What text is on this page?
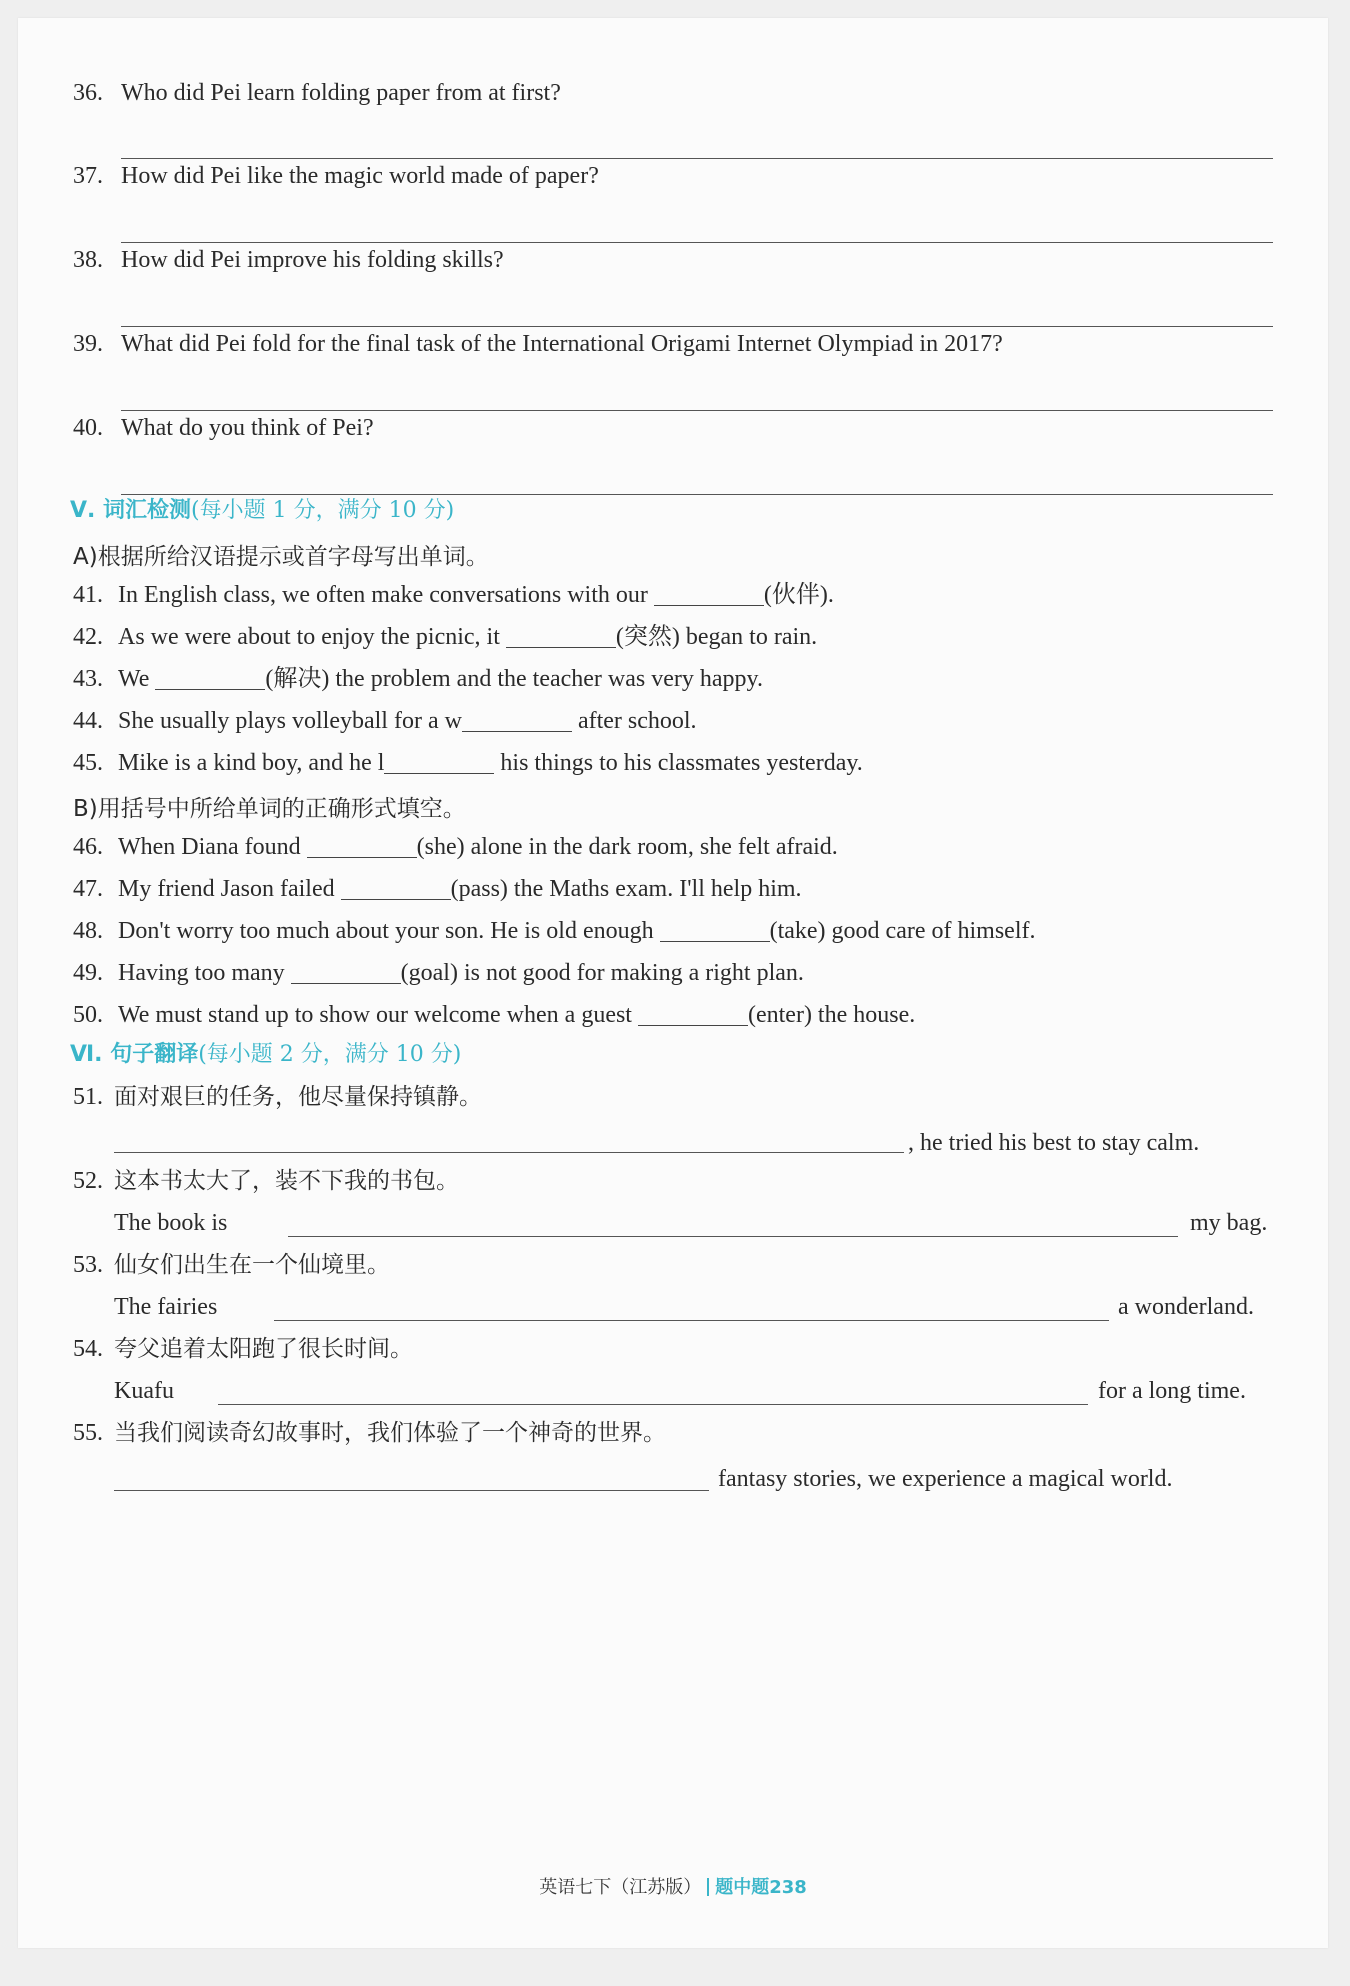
36. Who did Pei learn folding paper from at first?
37. How did Pei like the magic world made of paper?
38. How did Pei improve his folding skills?
39. What did Pei fold for the final task of the International Origami Internet Olympiad in 2017?
40. What do you think of Pei?
Ⅴ. 词汇检测(每小题 1 分，满分 10 分)
A)根据所给汉语提示或首字母写出单词。
41. In English class, we often make conversations with our	(伙伴).
42. As we were about to enjoy the picnic, it	(突然) began to rain.
43. We	(解决) the problem and the teacher was very happy.
44. She usually plays volleyball for a w	after school.
45. Mike is a kind boy, and he l	his things to his classmates yesterday.
B)用括号中所给单词的正确形式填空。
46. When Diana found	(she) alone in the dark room, she felt afraid.
47. My friend Jason failed	(pass) the Maths exam. I'll help him.
48. Don't worry too much about your son. He is old enough	(take) good care of himself.
49. Having too many	(goal) is not good for making a right plan.
50. We must stand up to show our welcome when a guest	(enter) the house.
Ⅵ. 句子翻译(每小题 2 分，满分 10 分)
51. 面对艰巨的任务，他尽量保持镇静。
, he tried his best to stay calm.
52. 这本书太大了，装不下我的书包。
The book is	my bag.
53. 仙女们出生在一个仙境里。
The fairies	a wonderland.
54. 夸父追着太阳跑了很长时间。
Kuafu	for a long time.
55. 当我们阅读奇幻故事时，我们体验了一个神奇的世界。
fantasy stories, we experience a magical world.
英语七下（江苏版） 题中题238
